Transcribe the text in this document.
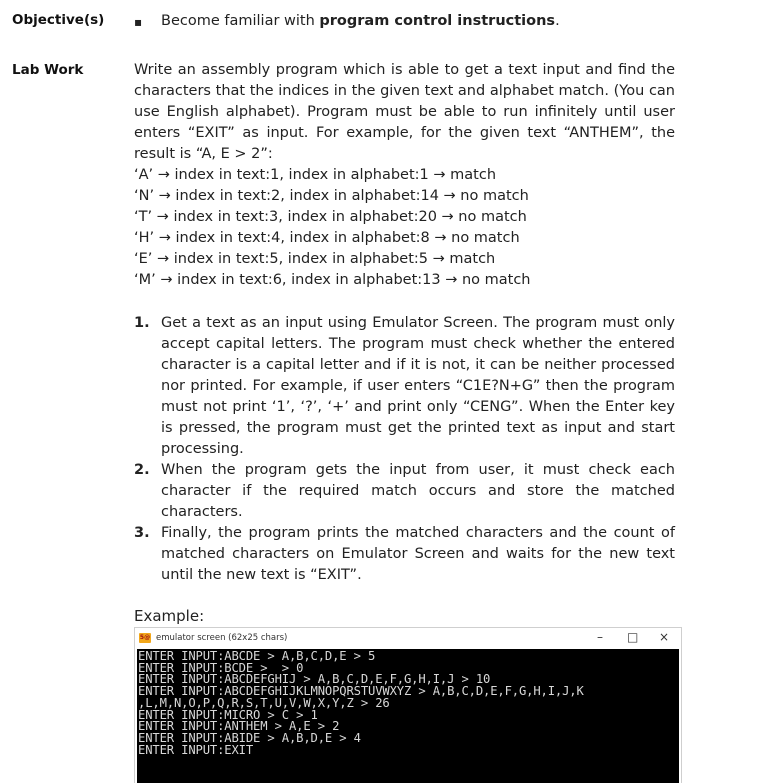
Objective(s) ▪ Become familiar with program control instructions.
Lab Work	Write an assembly program which is able to get a text input and find the characters that the indices in the given text and alphabet match. (You can use English alphabet). Program must be able to run infinitely until user enters “EXIT” as input. For example, for the given text “ANTHEM”, the result is “A, E > 2”:
‘A’ → index in text:1, index in alphabet:1 → match
‘N’ → index in text:2, index in alphabet:14 → no match
‘T’ → index in text:3, index in alphabet:20 → no match
‘H’ → index in text:4, index in alphabet:8 → no match
‘E’ → index in text:5, index in alphabet:5 → match
‘M’ → index in text:6, index in alphabet:13 → no match
1. Get a text as an input using Emulator Screen. The program must only accept capital letters. The program must check whether the entered character is a capital letter and if it is not, it can be neither processed nor printed. For example, if user enters “C1E?N+G” then the program must not print ‘1’, ‘?’, ‘+’ and print only “CENG”. When the Enter key is pressed, the program must get the printed text as input and start processing.
2. When the program gets the input from user, it must check each character if the required match occurs and store the matched characters.
3. Finally, the program prints the matched characters and the count of matched characters on Emulator Screen and waits for the new text until the new text is “EXIT”.
Example:
5@ emulator screen (62x25 chars)	– □ ×
ENTER INPUT:ABCDE > A,B,C,D,E > 5
ENTER INPUT:BCDE >  > 0
ENTER INPUT:ABCDEFGHIJ > A,B,C,D,E,F,G,H,I,J > 10
ENTER INPUT:ABCDEFGHIJKLMNOPQRSTUVWXYZ > A,B,C,D,E,F,G,H,I,J,K
,L,M,N,O,P,Q,R,S,T,U,V,W,X,Y,Z > 26
ENTER INPUT:MICRO > C > 1
ENTER INPUT:ANTHEM > A,E > 2
ENTER INPUT:ABIDE > A,B,D,E > 4
ENTER INPUT:EXIT
